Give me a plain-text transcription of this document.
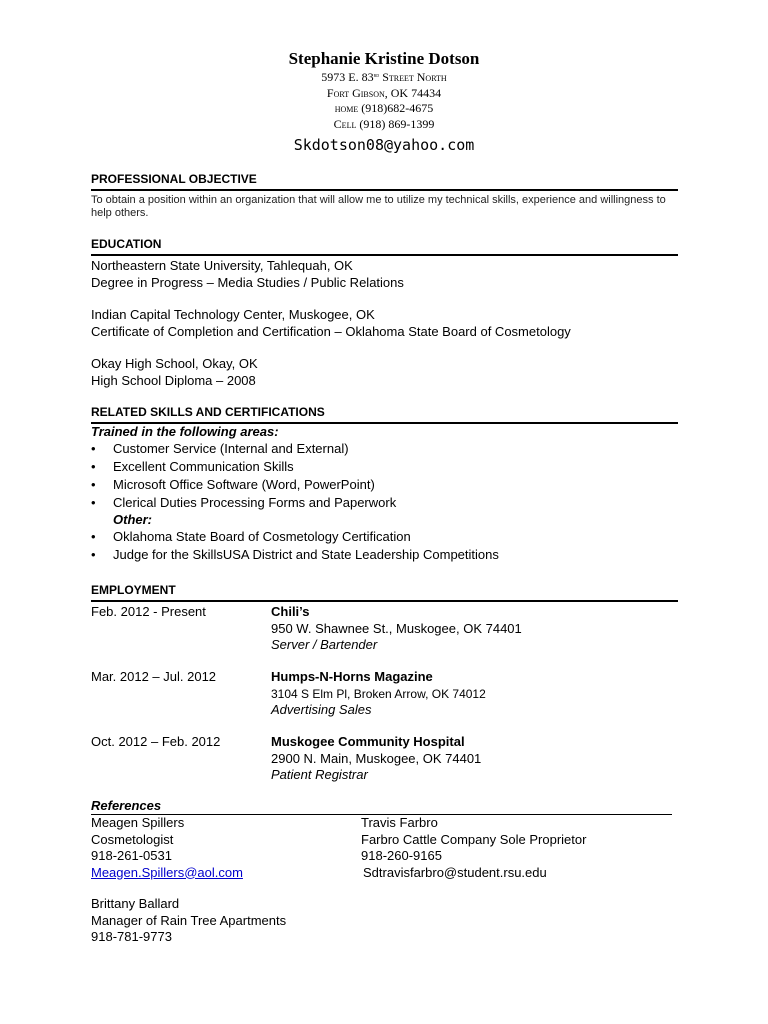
Stephanie Kristine Dotson
5973 E. 83rd Street North
Fort Gibson, OK 74434
home (918)682-4675
Cell (918) 869-1399
Skdotson08@yahoo.com
PROFESSIONAL OBJECTIVE
To obtain a position within an organization that will allow me to utilize my technical skills, experience and willingness to help others.
EDUCATION
Northeastern State University, Tahlequah, OK
Degree in Progress – Media Studies / Public Relations
Indian Capital Technology Center, Muskogee, OK
Certificate of Completion and Certification – Oklahoma State Board of Cosmetology
Okay High School, Okay, OK
High School Diploma – 2008
RELATED SKILLS AND CERTIFICATIONS
Trained in the following areas:
• Customer Service (Internal and External)
• Excellent Communication Skills
• Microsoft Office Software (Word, PowerPoint)
• Clerical Duties Processing Forms and Paperwork
Other:
• Oklahoma State Board of Cosmetology Certification
• Judge for the SkillsUSA District and State Leadership Competitions
EMPLOYMENT
Feb. 2012 - Present	Chili’s
950 W. Shawnee St., Muskogee, OK 74401
Server / Bartender
Mar. 2012 – Jul. 2012	Humps-N-Horns Magazine
3104 S Elm Pl, Broken Arrow, OK 74012
Advertising Sales
Oct. 2012 – Feb. 2012	Muskogee Community Hospital
2900 N. Main, Muskogee, OK 74401
Patient Registrar
References
Meagen Spillers
Cosmetologist
918-261-0531
Meagen.Spillers@aol.com
Travis Farbro
Farbro Cattle Company Sole Proprietor
918-260-9165
Sdtravisfarbro@student.rsu.edu
Brittany Ballard
Manager of Rain Tree Apartments
918-781-9773
